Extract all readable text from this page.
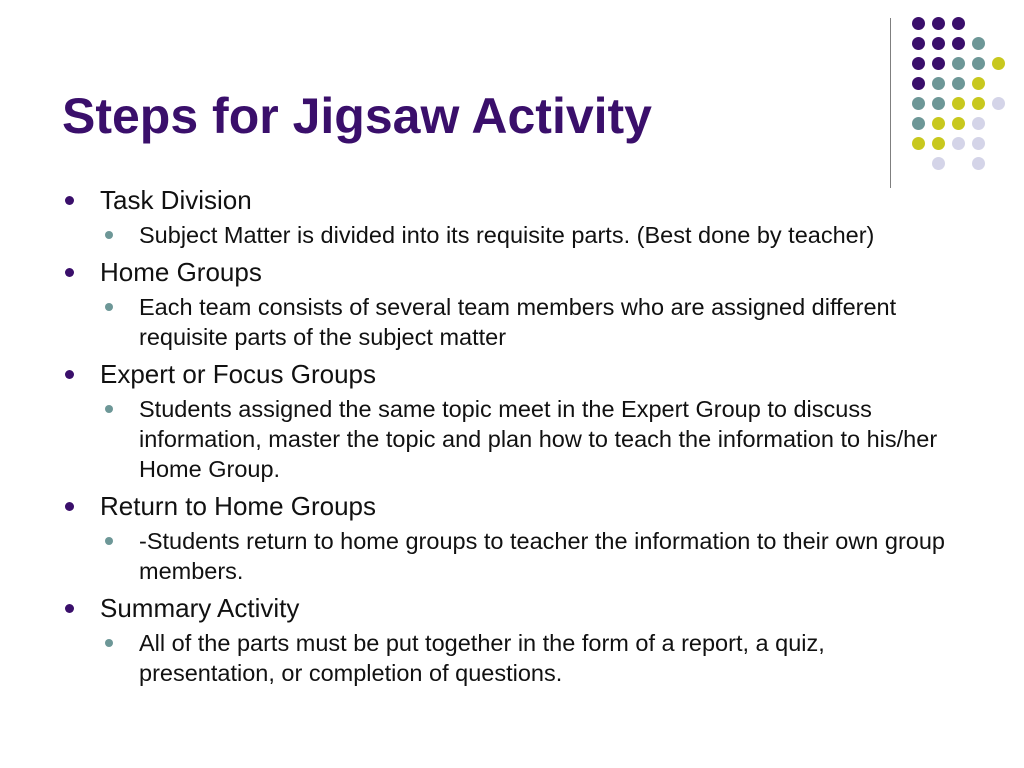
Steps for Jigsaw Activity
Task Division
Subject Matter is divided into its requisite parts. (Best done by teacher)
Home Groups
Each team consists of several team members who are assigned different requisite parts of the subject matter
Expert or Focus Groups
Students assigned the same topic meet in the Expert Group to discuss information, master the topic and plan how to teach the information to his/her Home Group.
Return to Home Groups
-Students return to home groups to teacher the information to their own group members.
Summary Activity
All of the parts must be put together in the form of a report, a quiz, presentation, or completion of questions.
